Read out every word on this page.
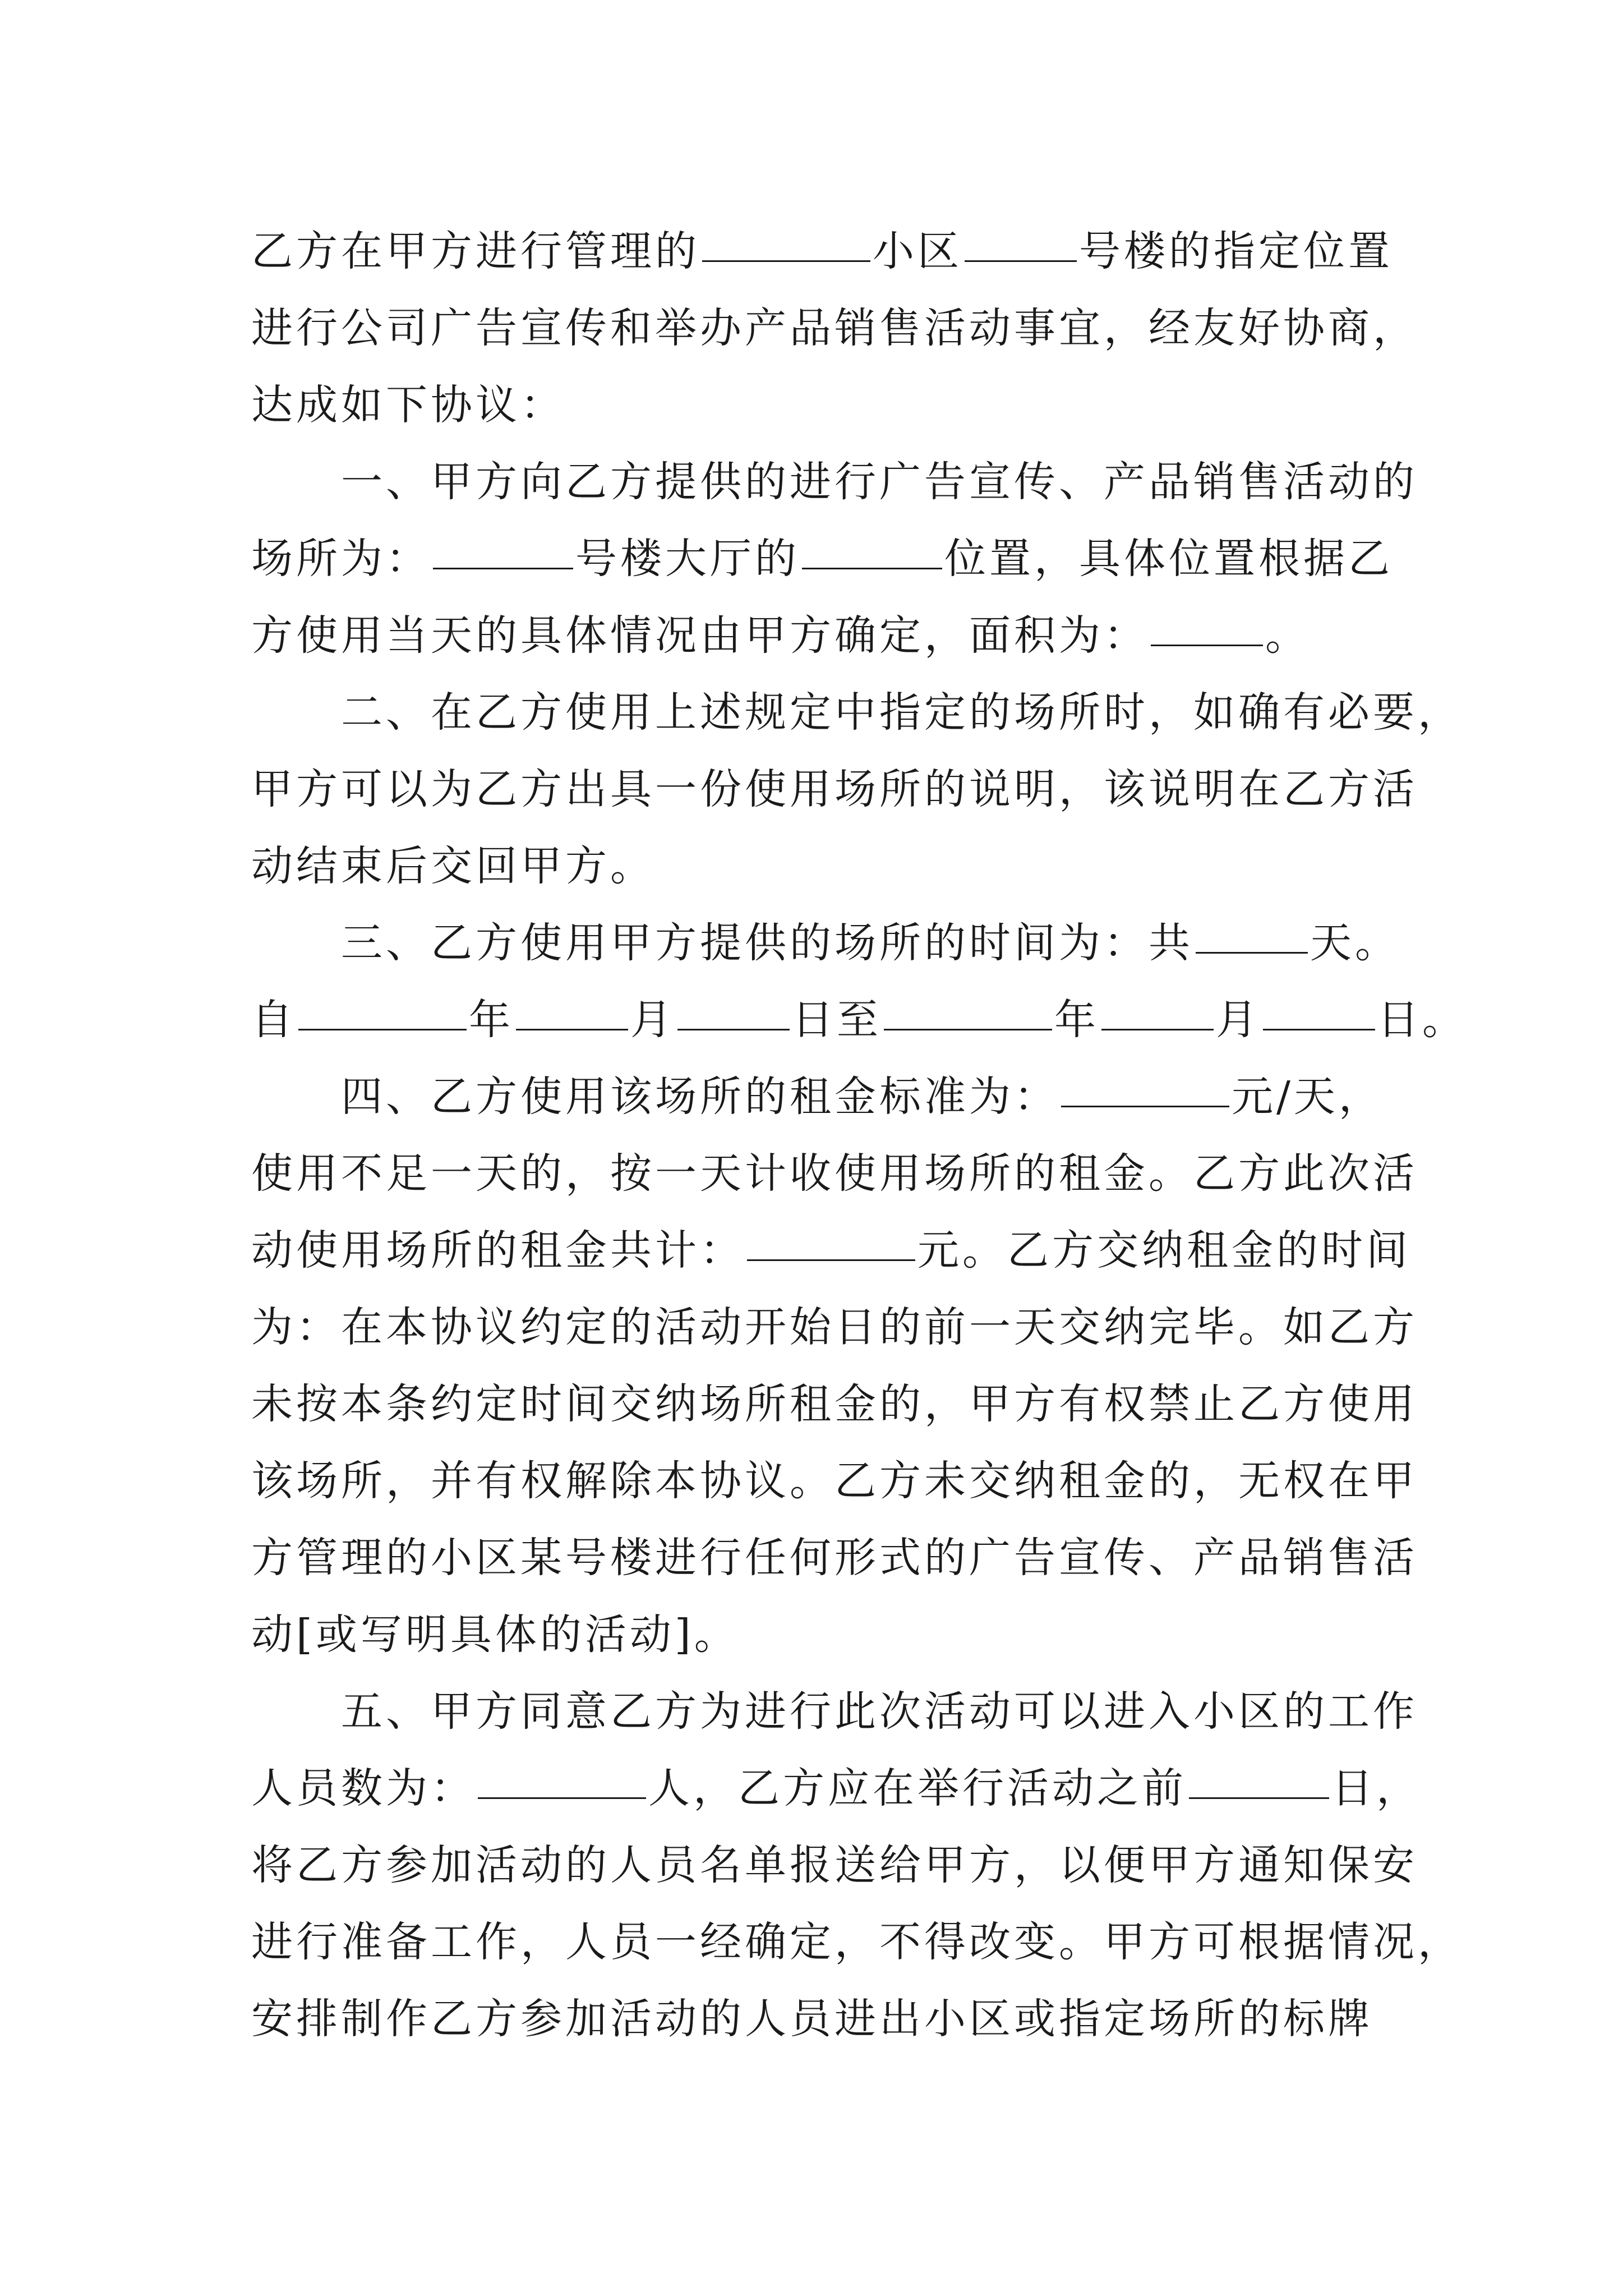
乙方在甲方进行管理的	小区	号楼的指定位置
进行公司广告宣传和举办产品销售活动事宜，经友好协商，
达成如下协议：
一、甲方向乙方提供的进行广告宣传、产品销售活动的
场所为：	号楼大厅的	位置，具体位置根据乙
方使用当天的具体情况由甲方确定，面积为：	。
二、在乙方使用上述规定中指定的场所时，如确有必要，
甲方可以为乙方出具一份使用场所的说明，该说明在乙方活
动结束后交回甲方。
三、乙方使用甲方提供的场所的时间为：共	天。
自	年	月	日至	年	月	日。
四、乙方使用该场所的租金标准为：	元/天，
使用不足一天的，按一天计收使用场所的租金。乙方此次活
动使用场所的租金共计：	元。乙方交纳租金的时间
为：在本协议约定的活动开始日的前一天交纳完毕。如乙方
未按本条约定时间交纳场所租金的，甲方有权禁止乙方使用
该场所，并有权解除本协议。乙方未交纳租金的，无权在甲
方管理的小区某号楼进行任何形式的广告宣传、产品销售活
动[或写明具体的活动]。
五、甲方同意乙方为进行此次活动可以进入小区的工作
人员数为：	人，乙方应在举行活动之前	日，
将乙方参加活动的人员名单报送给甲方，以便甲方通知保安
进行准备工作，人员一经确定，不得改变。甲方可根据情况，
安排制作乙方参加活动的人员进出小区或指定场所的标牌
